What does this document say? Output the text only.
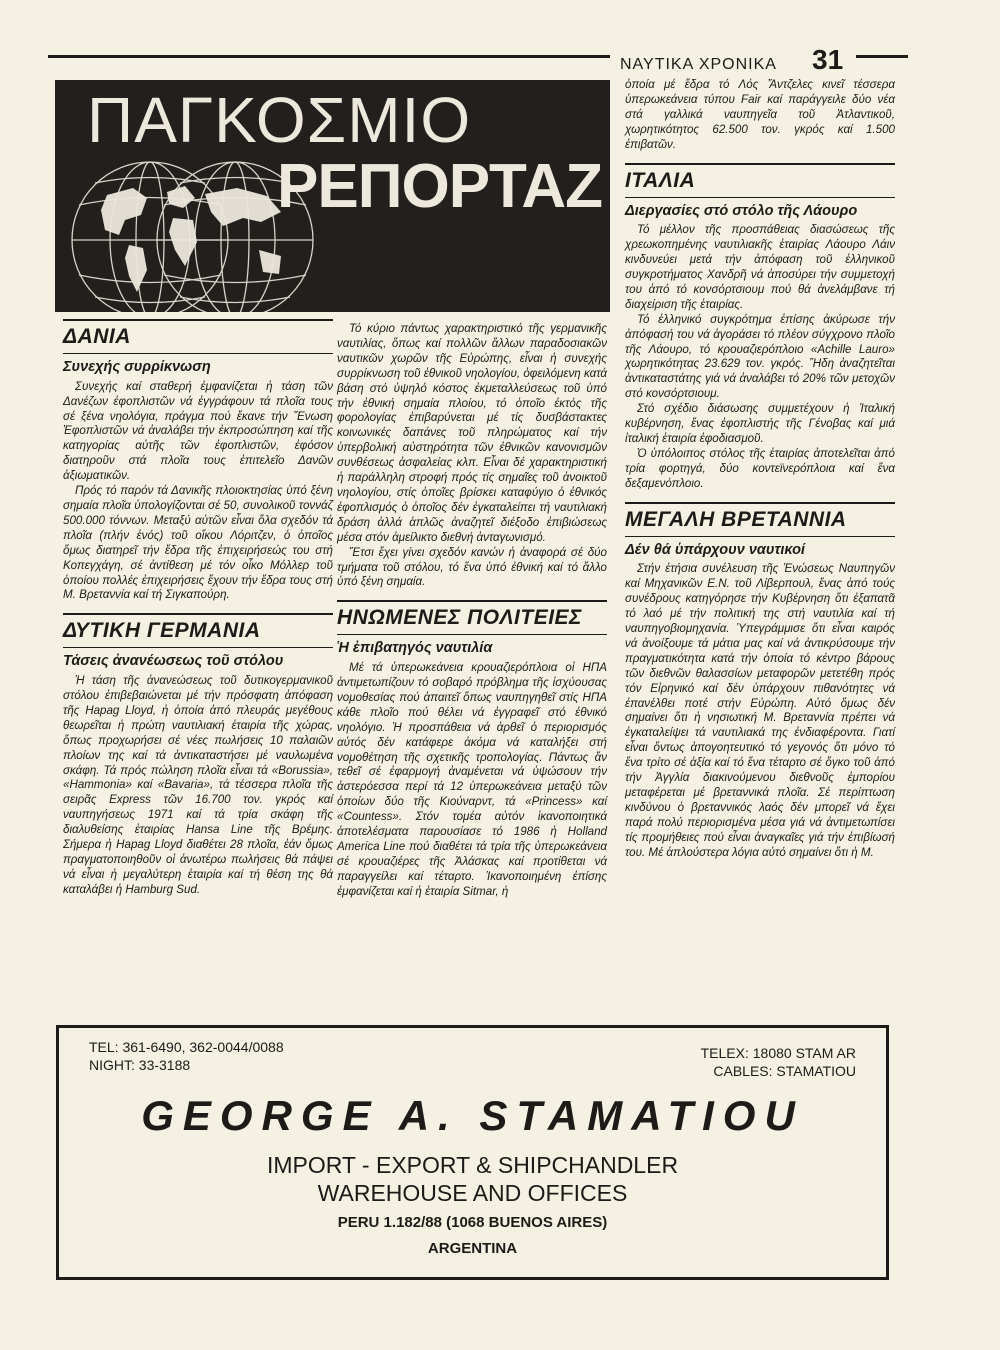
ΝΑΥΤΙΚΑ ΧΡΟΝΙΚΑ 31
ΠΑΓΚΟΣΜΙΟ
ΡΕΠΟΡΤΑΖ
ΔΑΝΙΑ
Συνεχής συρρίκνωση

Συνεχής καί σταθερή ἐμφανίζεται ἡ τάση τῶν Δανέζων ἐφοπλιστῶν νά ἐγγράφουν τά πλοῖα τους σέ ξένα νηολόγια, πράγμα πού ἔκανε τήν Ἕνωση Ἐφοπλιστῶν νά ἀναλάβει τήν ἐκπροσώπηση καί τῆς κατηγορίας αὐτῆς τῶν ἐφοπλιστῶν, ἐφόσον διατηροῦν στά πλοῖα τους ἐπιτελεῖο Δανῶν ἀξιωματικῶν.

Πρός τό παρόν τά Δανικῆς πλοιοκτησίας ὑπό ξένη σημαία πλοῖα ὑπολογίζονται σέ 50, συνολικοῦ τοννάζ 500.000 τόννων. Μεταξύ αὐτῶν εἶναι ὅλα σχεδόν τά πλοῖα (πλήν ἑνός) τοῦ οἴκου Λόριτζεν, ὁ ὁποῖος ὅμως διατηρεῖ τήν ἕδρα τῆς ἐπιχειρήσεώς του στή Κοπεγχάγη, σέ ἀντίθεση μέ τόν οἶκο Μόλλερ τοῦ ὁποίου πολλές ἐπιχειρήσεις ἔχουν τήν ἕδρα τους στή Μ. Βρεταννία καί τή Σιγκαπούρη.

ΔΥΤΙΚΗ ΓΕΡΜΑΝΙΑ
Τάσεις ἀνανέωσεως τοῦ στόλου

Ἡ τάση τῆς ἀνανεώσεως τοῦ δυτικογερμανικοῦ στόλου ἐπιβεβαιώνεται μέ τήν πρόσφατη ἀπόφαση τῆς Hapag Lloyd, ἡ ὁποία ἀπό πλευράς μεγέθους θεωρεῖται ἡ πρώτη ναυτιλιακή ἑταιρία τῆς χώρας, ὅπως προχωρήσει σέ νέες πωλήσεις 10 παλαιῶν πλοίων της καί τά ἀντικαταστήσει μέ ναυλωμένα σκάφη. Τά πρός πώληση πλοῖα εἶναι τά «Borussia», «Hammonia» καί «Bavaria», τά τέσσερα πλοῖα τῆς σειρᾶς Express τῶν 16.700 τον. γκρός καί ναυπηγήσεως 1971 καί τά τρία σκάφη τῆς διαλυθείσης ἑταιρίας Hansa Line τῆς Βρέμης. Σήμερα ἡ Hapag Lloyd διαθέτει 28 πλοῖα, ἐάν ὅμως πραγματοποιηθοῦν οἱ ἀνωτέρω πωλήσεις θά πάψει νά εἶναι ἡ μεγαλύτερη ἑταιρία καί τή θέση της θά καταλάβει ἡ Hamburg Sud.

Τό κύριο πάντως χαρακτηριστικό τῆς γερμανικῆς ναυτιλίας, ὅπως καί πολλῶν ἄλλων παραδοσιακῶν ναυτικῶν χωρῶν τῆς Εὐρώπης, εἶναι ἡ συνεχής συρρίκνωση τοῦ ἐθνικοῦ νηολογίου, ὀφειλόμενη κατά βάση στό ὑψηλό κόστος ἐκμεταλλεύσεως τοῦ ὑπό τήν ἐθνική σημαία πλοίου, τό ὁποῖο ἐκτός τῆς φορολογίας ἐπιβαρύνεται μέ τίς δυσβάστακτες κοινωνικές δαπάνες τοῦ πληρώματος καί τήν ὑπερβολική αὐστηρότητα τῶν ἐθνικῶν κανονισμῶν συνθέσεως ἀσφαλείας κλπ. Εἶναι δέ χαρακτηριστική ἡ παράλληλη στροφή πρός τίς σημαῖες τοῦ ἀνοικτοῦ νηολογίου, στίς ὁποῖες βρίσκει καταφύγιο ὁ ἐθνικός ἐφοπλισμός ὁ ὁποῖος δέν ἐγκαταλείπει τή ναυτιλιακή δράση ἀλλά ἁπλῶς ἀναζητεῖ διέξοδο ἐπιβιώσεως μέσα στόν ἀμείλικτο διεθνή ἀνταγωνισμό.

Ἔτσι ἔχει γίνει σχεδόν κανών ἡ ἀναφορά σέ δύο τμήματα τοῦ στόλου, τό ἕνα ὑπό ἐθνική καί τό ἄλλο ὑπό ξένη σημαία.

ΗΝΩΜΕΝΕΣ ΠΟΛΙΤΕΙΕΣ
Ἡ ἐπιβατηγός ναυτιλία

Μέ τά ὑπερωκεάνεια κρουαζιερόπλοια οἱ ΗΠΑ ἀντιμετωπίζουν τό σοβαρό πρόβλημα τῆς ἰσχύουσας νομοθεσίας πού ἀπαιτεῖ ὅπως ναυπηγηθεῖ στίς ΗΠΑ κάθε πλοῖο πού θέλει νά ἐγγραφεῖ στό ἐθνικό νηολόγιο. Ἡ προσπάθεια νά ἀρθεῖ ὁ περιορισμός αὐτός δέν κατάφερε ἀκόμα νά καταλήξει στή νομοθέτηση τῆς σχετικῆς τροπολογίας. Πάντως ἄν τεθεῖ σέ ἐφαρμογή ἀναμένεται νά ὑψώσουν τήν ἀστερόεσσα περί τά 12 ὑπερωκεάνεια μεταξύ τῶν ὁποίων δύο τῆς Κιούναρντ, τά «Princess» καί «Countess». Στόν τομέα αὐτόν ἱκανοποιητικά ἀποτελέσματα παρουσίασε τό 1986 ἡ Holland America Line πού διαθέτει τά τρία τῆς ὑπερωκεάνεια σέ κρουαζιέρες τῆς Ἀλάσκας καί προτίθεται νά παραγγείλει καί τέταρτο. Ἱκανοποιημένη ἐπίσης ἐμφανίζεται καί ἡ ἑταιρία Sitmar, ἡ

ὁποία μέ ἕδρα τό Λός Ἄντζελες κινεῖ τέσσερα ὑπερωκεάνεια τύπου Fair καί παράγγειλε δύο νέα στά γαλλικά ναυπηγεῖα τοῦ Ἀτλαντικοῦ, χωρητικότητος 62.500 τον. γκρός καί 1.500 ἐπιβατῶν.

ΙΤΑΛΙΑ
Διεργασίες στό στόλο τῆς Λάουρο

Τό μέλλον τῆς προσπάθειας διασώσεως τῆς χρεωκοπημένης ναυτιλιακῆς ἑταιρίας Λάουρο Λάιν κινδυνεύει μετά τήν ἀπόφαση τοῦ ἑλληνικοῦ συγκροτήματος Χανδρῆ νά ἀποσύρει τήν συμμετοχή του ἀπό τό κονσόρτσιουμ πού θά ἀνελάμβανε τή διαχείριση τῆς ἑταιρίας.

Τό ἑλληνικό συγκρότημα ἐπίσης ἀκύρωσε τήν ἀπόφασή του νά ἀγοράσει τό πλέον σύγχρονο πλοῖο τῆς Λάουρο, τό κρουαζιερόπλοιο «Achille Lauro» χωρητικότητας 23.629 τον. γκρός. Ἤδη ἀναζητεῖται ἀντικαταστάτης γιά νά ἀναλάβει τό 20% τῶν μετοχῶν στό κονσόρτσιουμ.

Στό σχέδιο διάσωσης συμμετέχουν ἡ Ἰταλική κυβέρνηση, ἕνας ἐφοπλιστής τῆς Γένοβας καί μιά ἰταλική ἑταιρία ἐφοδιασμοῦ.

Ὁ ὑπόλοιπος στόλος τῆς ἑταιρίας ἀποτελεῖται ἀπό τρία φορτηγά, δύο κοντεϊνερόπλοια καί ἕνα δεξαμενόπλοιο.

ΜΕΓΑΛΗ ΒΡΕΤΑΝΝΙΑ
Δέν θά ὑπάρχουν ναυτικοί

Στήν ἐτήσια συνέλευση τῆς Ἑνώσεως Ναυπηγῶν καί Μηχανικῶν Ε.Ν. τοῦ Λίβερπουλ, ἕνας ἀπό τούς συνέδρους κατηγόρησε τήν Κυβέρνηση ὅτι ἐξαπατᾶ τό λαό μέ τήν πολιτική της στή ναυτιλία καί τή ναυπηγοβιομηχανία. Ὑπεγράμμισε ὅτι εἶναι καιρός νά ἀνοίξουμε τά μάτια μας καί νά ἀντικρύσουμε τήν πραγματικότητα κατά τήν ὁποία τό κέντρο βάρους τῶν διεθνῶν θαλασσίων μεταφορῶν μετετέθη πρός τόν Εἰρηνικό καί δέν ὑπάρχουν πιθανότητες νά ἐπανέλθει ποτέ στήν Εὐρώπη. Αὐτό ὅμως δέν σημαίνει ὅτι ἡ νησιωτική Μ. Βρεταννία πρέπει νά ἐγκαταλείψει τά ναυτιλιακά της ἐνδιαφέροντα. Γιατί εἶναι ὄντως ἀπογοητευτικό τό γεγονός ὅτι μόνο τό ἕνα τρίτο σέ ἀξία καί τό ἕνα τέταρτο σέ ὄγκο τοῦ ἀπό τήν Ἀγγλία διακινούμενου διεθνοῦς ἐμπορίου μεταφέρεται μέ βρεταννικά πλοῖα. Σέ περίπτωση κινδύνου ὁ βρεταννικός λαός δέν μπορεῖ νά ἔχει παρά πολύ περιορισμένα μέσα γιά νά ἀντιμετωπίσει τίς προμήθειες πού εἶναι ἀναγκαῖες γιά τήν ἐπιβίωσή του. Μέ ἁπλούστερα λόγια αὐτό σημαίνει ὅτι ἡ Μ.

TEL: 361-6490, 362-0044/0088
NIGHT: 33-3188
TELEX: 18080 STAM AR
CABLES: STAMATIOU
GEORGE A. STAMATIOU
IMPORT - EXPORT & SHIPCHANDLER
WAREHOUSE AND OFFICES
PERU 1.182/88 (1068 BUENOS AIRES)
ARGENTINA
